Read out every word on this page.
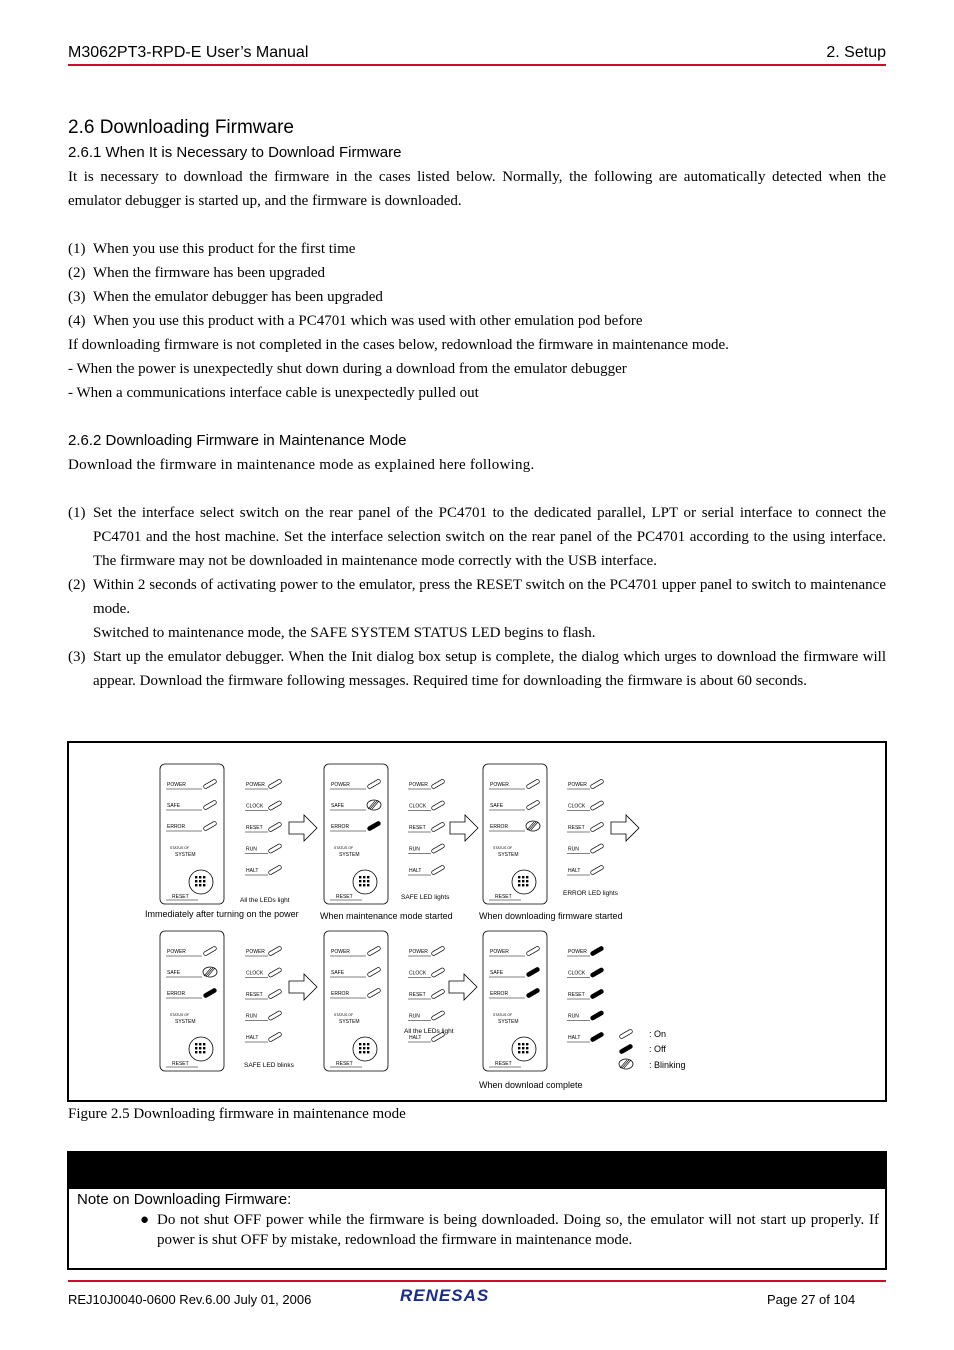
M3062PT3-RPD-E User’s Manual	2. Setup
2.6 Downloading Firmware
2.6.1 When It is Necessary to Download Firmware
It is necessary to download the firmware in the cases listed below. Normally, the following are automatically detected when the emulator debugger is started up, and the firmware is downloaded.
(1) When you use this product for the first time
(2) When the firmware has been upgraded
(3) When the emulator debugger has been upgraded
(4) When you use this product with a PC4701 which was used with other emulation pod before
If downloading firmware is not completed in the cases below, redownload the firmware in maintenance mode.
- When the power is unexpectedly shut down during a download from the emulator debugger
- When a communications interface cable is unexpectedly pulled out
2.6.2 Downloading Firmware in Maintenance Mode
Download the firmware in maintenance mode as explained here following.
(1) Set the interface select switch on the rear panel of the PC4701 to the dedicated parallel, LPT or serial interface to connect the PC4701 and the host machine. Set the interface selection switch on the rear panel of the PC4701 according to the using interface. The firmware may not be downloaded in maintenance mode correctly with the USB interface.
(2) Within 2 seconds of activating power to the emulator, press the RESET switch on the PC4701 upper panel to switch to maintenance mode.
Switched to maintenance mode, the SAFE SYSTEM STATUS LED begins to flash.
(3) Start up the emulator debugger. When the Init dialog box setup is complete, the dialog which urges to download the firmware will appear. Download the firmware following messages. Required time for downloading the firmware is about 60 seconds.
POWER
SAFE
ERROR
STATUS OF
SYSTEM
RESET
POWER
CLOCK
RESET
RUN
HALT
All the LEDs light
Immediately after turning on the power
POWER
SAFE
ERROR
STATUS OF
SYSTEM
RESET
POWER
CLOCK
RESET
RUN
HALT
SAFE LED lights
When maintenance mode started
POWER
SAFE
ERROR
STATUS OF
SYSTEM
RESET
POWER
CLOCK
RESET
RUN
HALT
ERROR LED lights
When downloading firmware started
POWER
SAFE
ERROR
STATUS OF
SYSTEM
RESET
POWER
CLOCK
RESET
RUN
HALT
SAFE LED blinks
POWER
SAFE
ERROR
STATUS OF
SYSTEM
RESET
POWER
CLOCK
RESET
RUN
HALT
All the LEDs light
POWER
SAFE
ERROR
STATUS OF
SYSTEM
RESET
POWER
CLOCK
RESET
RUN
HALT
When download complete
: On
: Off
: Blinking
Figure 2.5 Downloading firmware in maintenance mode
Note on Downloading Firmware:
● Do not shut OFF power while the firmware is being downloaded. Doing so, the emulator will not start up properly. If power is shut OFF by mistake, redownload the firmware in maintenance mode.
REJ10J0040-0600 Rev.6.00 July 01, 2006	RENESAS	Page 27 of 104
